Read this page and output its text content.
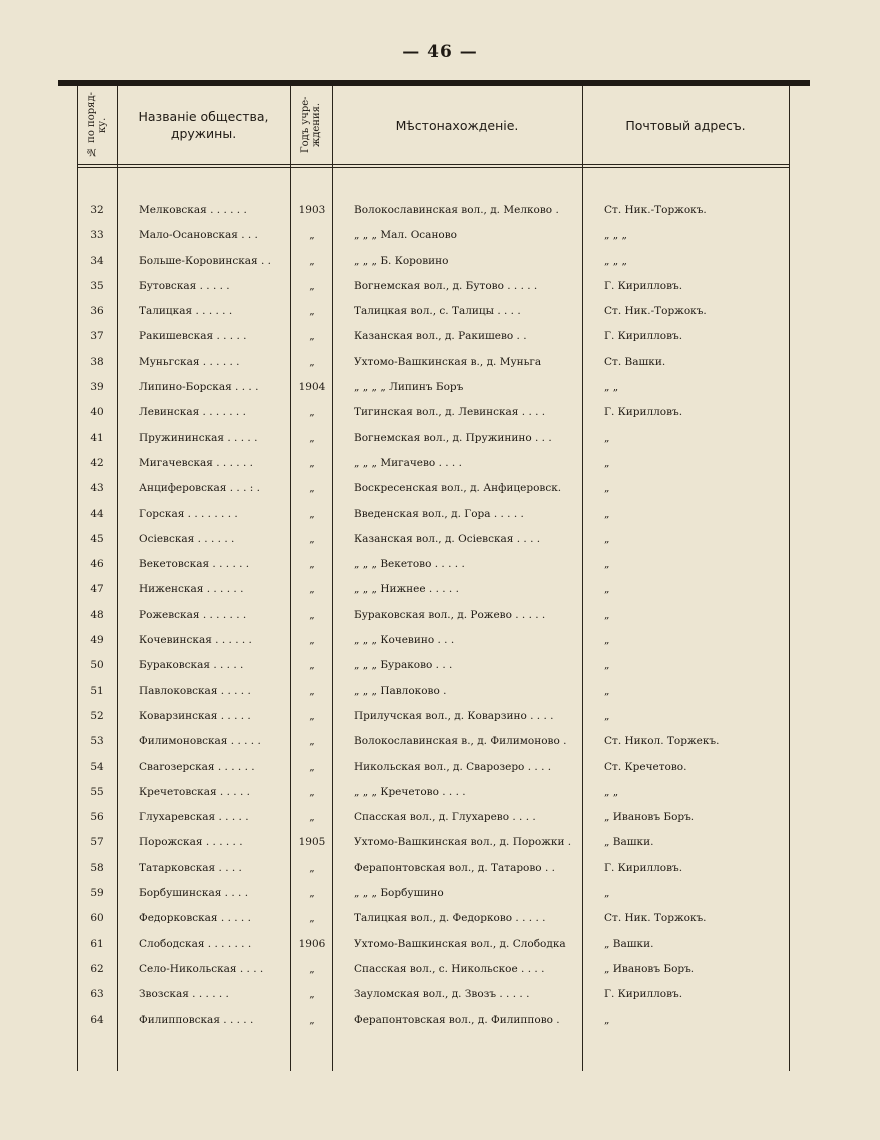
— 46 —
№ по поряд-ку.
Названіе общества, дружины.	Годъ учре-ждения.	Мѣстонахожденіе.	Почтовый адресъ.
32	Мелковская . . . . . .	1903	Волокославинская вол., д. Мелково .	Ст. Ник.-Торжокъ.
33	Мало-Осановская . . .	„	„ „ „ Мал. Осаново	„ „ „
34	Больше-Коровинская . .	„	„ „ „ Б. Коровино	„ „ „
35	Бутовская . . . . .	„	Вогнемская вол., д. Бутово . . . . .	Г. Кирилловъ.
36	Талицкая . . . . . .	„	Талицкая вол., с. Талицы . . . .	Ст. Ник.-Торжокъ.
37	Ракишевская . . . . .	„	Казанская вол., д. Ракишево . .	Г. Кирилловъ.
38	Муньгская . . . . . .	„	Ухтомо-Вашкинская в., д. Муньга	Ст. Вашки.
39	Липино-Борская . . . .	1904	„ „ „ „ Липинъ Боръ	„ „
40	Левинская . . . . . . .	„	Тигинская вол., д. Левинская . . . .	Г. Кирилловъ.
41	Пружининская . . . . .	„	Вогнемская вол., д. Пружинино . . .	„
42	Мигачевская . . . . . .	„	„ „ „ Мигачево . . . .	„
43	Анциферовская . . . : .	„	Воскресенская вол., д. Анфицеровск.	„
44	Горская . . . . . . . .	„	Введенская вол., д. Гора . . . . .	„
45	Осіевская . . . . . .	„	Казанская вол., д. Осіевская . . . .	„
46	Векетовская . . . . . .	„	„ „ „ Векетово . . . . .	„
47	Ниженская . . . . . .	„	„ „ „ Нижнее . . . . .	„
48	Рожевская . . . . . . .	„	Бураковская вол., д. Рожево . . . . .	„
49	Кочевинская . . . . . .	„	„ „ „ Кочевино . . .	„
50	Бураковская . . . . .	„	„ „ „ Бураково . . .	„
51	Павлоковская . . . . .	„	„ „ „ Павлоково .	„
52	Коварзинская . . . . .	„	Прилучская вол., д. Коварзино . . . .	„
53	Филимоновская . . . . .	„	Волокославинская в., д. Филимоново .	Ст. Никол. Торжекъ.
54	Свarозерская . . . . . .	„	Никольская вол., д. Сварозеро . . . .	Ст. Кречетово.
55	Кречетовская . . . . .	„	„ „ „ Кречетово . . . .	„ „
56	Глухаревская . . . . .	„	Спасская вол., д. Глухарево . . . .	„ Ивановъ Боръ.
57	Порожская . . . . . .	1905	Ухтомо-Вашкинская вол., д. Порожки .	„ Вашки.
58	Татарковская . . . .	„	Ферапонтовская вол., д. Татарово . .	Г. Кирилловъ.
59	Борбушинская . . . .	„	„ „ „ Борбушино	„
60	Федорковская . . . . .	„	Талицкая вол., д. Федорково . . . . .	Ст. Ник. Торжокъ.
61	Слободская . . . . . . .	1906	Ухтомо-Вашкинская вол., д. Слободка	„ Вашки.
62	Село-Никольская . . . .	„	Спасская вол., с. Никольское . . . .	„ Ивановъ Боръ.
63	Звозская . . . . . .	„	Зауломская вол., д. Звозъ . . . . .	Г. Кирилловъ.
64	Филипповская . . . . .	„	Ферапонтовская вол., д. Филиппово .	„
